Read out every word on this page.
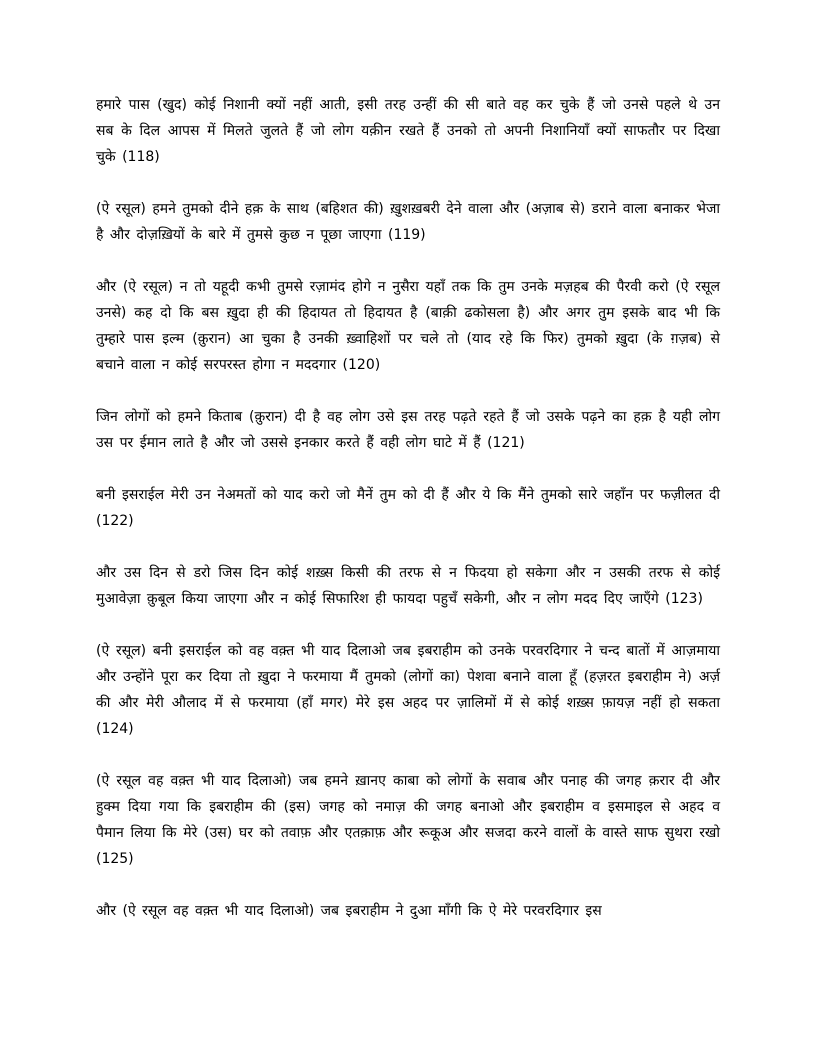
हमारे पास (खुद) कोई निशानी क्यों नहीं आती, इसी तरह उन्हीं की सी बाते वह कर चुके हैं जो उनसे पहले थे उन सब के दिल आपस में मिलते जुलते हैं जो लोग यक़ीन रखते हैं उनको तो अपनी निशानियाँ क्यों साफतौर पर दिखा चुके (118)

(ऐ रसूल) हमने तुमको दीने हक़ के साथ (बहिशत की) ख़ुशख़बरी देने वाला और (अज़ाब से) डराने वाला बनाकर भेजा है और दोज़ख़ियों के बारे में तुमसे कुछ न पूछा जाएगा (119)

और (ऐ रसूल) न तो यहूदी कभी तुमसे रज़ामंद होगे न नुसैरा यहाँ तक कि तुम उनके मज़हब की पैरवी करो (ऐ रसूल उनसे) कह दो कि बस ख़ुदा ही की हिदायत तो हिदायत है (बाक़ी ढकोसला है) और अगर तुम इसके बाद भी कि तुम्हारे पास इल्म (क़ुरान) आ चुका है उनकी ख़्वाहिशों पर चले तो (याद रहे कि फिर) तुमको ख़ुदा (के ग़ज़ब) से बचाने वाला न कोई सरपरस्त होगा न मददगार (120)

जिन लोगों को हमने किताब (क़ुरान) दी है वह लोग उसे इस तरह पढ़ते रहते हैं जो उसके पढ़ने का हक़ है यही लोग उस पर ईमान लाते है और जो उससे इनकार करते हैं वही लोग घाटे में हैं (121)

बनी इसराईल मेरी उन नेअमतों को याद करो जो मैनें तुम को दी हैं और ये कि मैंने तुमको सारे जहाँन पर फज़ीलत दी (122)

और उस दिन से डरो जिस दिन कोई शख़्स किसी की तरफ से न फिदया हो सकेगा और न उसकी तरफ से कोई मुआवेज़ा क़ुबूल किया जाएगा और न कोई सिफारिश ही फायदा पहुचँ सकेगी, और न लोग मदद दिए जाएँगे (123)

(ऐ रसूल) बनी इसराईल को वह वक़्त भी याद दिलाओ जब इबराहीम को उनके परवरदिगार ने चन्द बातों में आज़माया और उन्होंने पूरा कर दिया तो ख़ुदा ने फरमाया मैं तुमको (लोगों का) पेशवा बनाने वाला हूँ (हज़रत इबराहीम ने) अर्ज़ की और मेरी औलाद में से फरमाया (हाँ मगर) मेरे इस अहद पर ज़ालिमों में से कोई शख़्स फ़ायज़ नहीं हो सकता (124)

(ऐ रसूल वह वक़्त भी याद दिलाओ) जब हमने ख़ानए काबा को लोगों के सवाब और पनाह की जगह क़रार दी और हुक्म दिया गया कि इबराहीम की (इस) जगह को नमाज़ की जगह बनाओ और इबराहीम व इसमाइल से अहद व पैमान लिया कि मेरे (उस) घर को तवाफ़ और एतक़ाफ़ और रूकूअ और सजदा करने वालों के वास्ते साफ सुथरा रखो (125)

और (ऐ रसूल वह वक़्त भी याद दिलाओ) जब इबराहीम ने दुआ माँगी कि ऐ मेरे परवरदिगार इस
